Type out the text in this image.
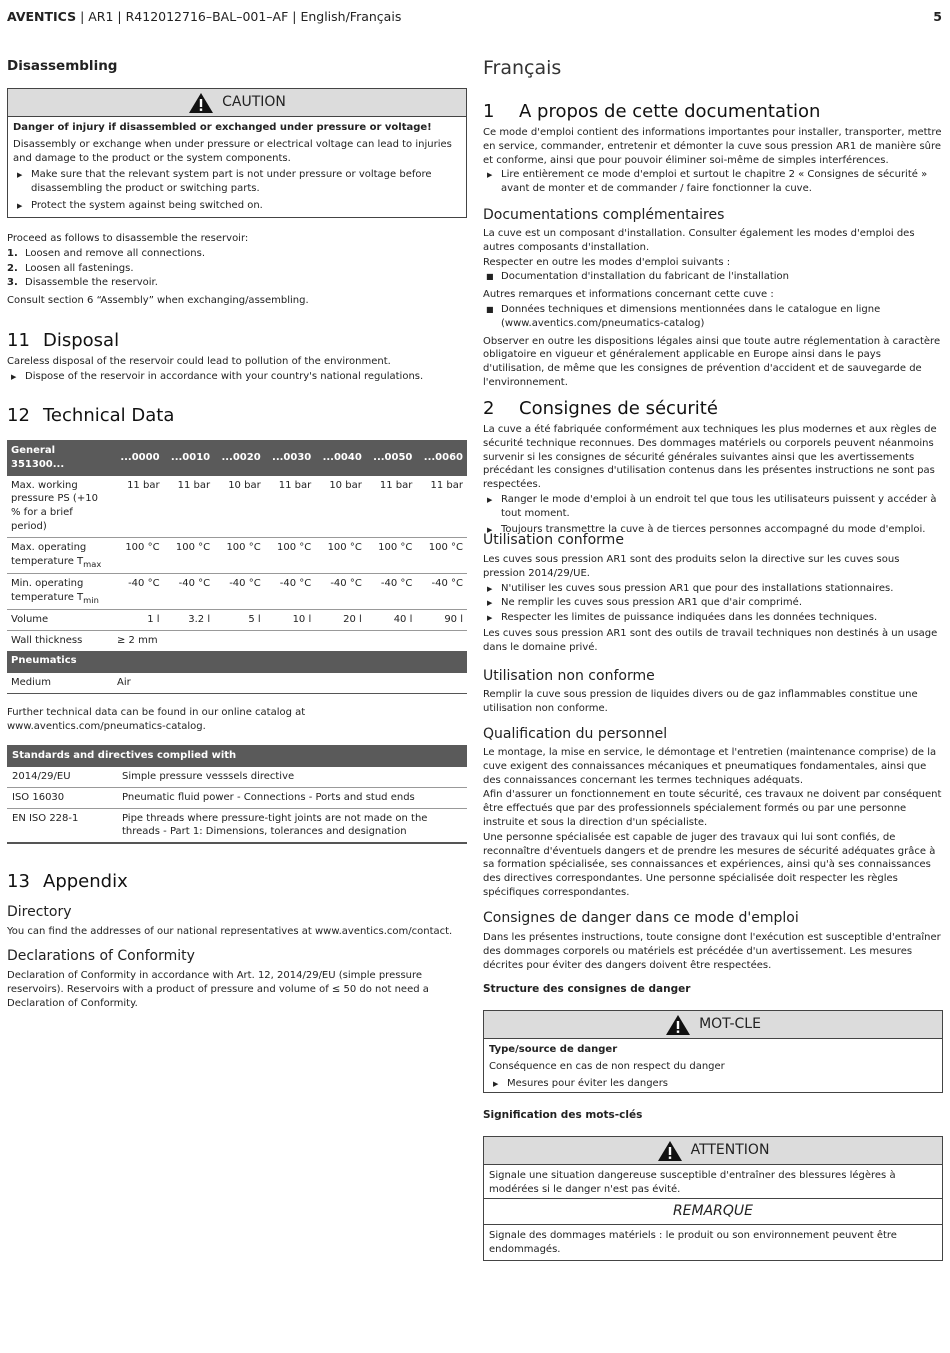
AVENTICS | AR1 | R412012716–BAL–001–AF | English/Français	5
Disassembling
CAUTION

Danger of injury if disassembled or exchanged under pressure or voltage!

Disassembly or exchange when under pressure or electrical voltage can lead to injuries and damage to the product or the system components.

▶ Make sure that the relevant system part is not under pressure or voltage before disassembling the product or switching parts.

▶ Protect the system against being switched on.

Proceed as follows to disassemble the reservoir:

1. Loosen and remove all connections.

2. Loosen all fastenings.

3. Disassemble the reservoir.

Consult section 6 “Assembly” when exchanging/assembling.

11 Disposal

Careless disposal of the reservoir could lead to pollution of the environment.

▶ Dispose of the reservoir in accordance with your country's national regulations.

12 Technical Data
General 351300...	...0000	...0010	...0020	...0030	...0040	...0050	...0060
Max. working pressure PS (+10 % for a brief period)	11 bar	11 bar	10 bar	11 bar	10 bar	11 bar	11 bar
Max. operating temperature $T_{max}$	100 °C	100 °C	100 °C	100 °C	100 °C	100 °C	100 °C
Min. operating temperature $T_{min}$	-40 °C	-40 °C	-40 °C	-40 °C	-40 °C	-40 °C	-40 °C
Volume	1 l	3.2 l	5 l	10 l	20 l	40 l	90 l
Wall thickness	≥ 2 mm						
Pneumatics							
Medium	Air						

Further technical data can be found in our online catalog at www.aventics.com/pneumatics-catalog.

Standards and directives complied with	
2014/29/EU	Simple pressure vesssels directive
ISO 16030	Pneumatic fluid power - Connections - Ports and stud ends
EN ISO 228-1	Pipe threads where pressure-tight joints are not made on the threads - Part 1: Dimensions, tolerances and designation
13 Appendix
Directory

You can find the addresses of our national representatives at www.aventics.com/contact.

Declarations of Conformity

Declaration of Conformity in accordance with Art. 12, 2014/29/EU (simple pressure reservoirs). Reservoirs with a product of pressure and volume of ≤ 50 do not need a Declaration of Conformity.

Français
1 A propos de cette documentation

Ce mode d'emploi contient des informations importantes pour installer, transporter, mettre en service, commander, entretenir et démonter la cuve sous pression AR1 de manière sûre et conforme, ainsi que pour pouvoir éliminer soi-même de simples interférences.

▶ Lire entièrement ce mode d'emploi et surtout le chapitre 2 « Consignes de sécurité » avant de monter et de commander / faire fonctionner la cuve.

Documentations complémentaires

La cuve est un composant d'installation. Consulter également les modes d'emploi des autres composants d'installation.

Respecter en outre les modes d'emploi suivants :

■ Documentation d'installation du fabricant de l'installation

Autres remarques et informations concernant cette cuve :

■ Données techniques et dimensions mentionnées dans le catalogue en ligne (www.aventics.com/pneumatics-catalog)

Observer en outre les dispositions légales ainsi que toute autre réglementation à caractère obligatoire en vigueur et généralement applicable en Europe ainsi dans le pays d'utilisation, de même que les consignes de prévention d'accident et de sauvegarde de l'environnement.

2 Consignes de sécurité

La cuve a été fabriquée conformément aux techniques les plus modernes et aux règles de sécurité technique reconnues. Des dommages matériels ou corporels peuvent néanmoins survenir si les consignes de sécurité générales suivantes ainsi que les avertissements précédant les consignes d'utilisation contenus dans les présentes instructions ne sont pas respectées.

▶ Ranger le mode d'emploi à un endroit tel que tous les utilisateurs puissent y accéder à tout moment.

▶ Toujours transmettre la cuve à de tierces personnes accompagné du mode d'emploi.

Utilisation conforme

Les cuves sous pression AR1 sont des produits selon la directive sur les cuves sous pression 2014/29/UE.

▶ N'utiliser les cuves sous pression AR1 que pour des installations stationnaires.

▶ Ne remplir les cuves sous pression AR1 que d'air comprimé.

▶ Respecter les limites de puissance indiquées dans les données techniques.

Les cuves sous pression AR1 sont des outils de travail techniques non destinés à un usage dans le domaine privé.

Utilisation non conforme

Remplir la cuve sous pression de liquides divers ou de gaz inflammables constitue une utilisation non conforme.

Qualification du personnel

Le montage, la mise en service, le démontage et l'entretien (maintenance comprise) de la cuve exigent des connaissances mécaniques et pneumatiques fondamentales, ainsi que des connaissances concernant les termes techniques adéquats.

Afin d'assurer un fonctionnement en toute sécurité, ces travaux ne doivent par conséquent être effectués que par des professionnels spécialement formés ou par une personne instruite et sous la direction d'un spécialiste.

Une personne spécialisée est capable de juger des travaux qui lui sont confiés, de reconnaître d'éventuels dangers et de prendre les mesures de sécurité adéquates grâce à sa formation spécialisée, ses connaissances et expériences, ainsi qu'à ses connaissances des directives correspondantes. Une personne spécialisée doit respecter les règles spécifiques correspondantes.

Consignes de danger dans ce mode d'emploi

Dans les présentes instructions, toute consigne dont l'exécution est susceptible d'entraîner des dommages corporels ou matériels est précédée d'un avertissement. Les mesures décrites pour éviter des dangers doivent être respectées.

Structure des consignes de danger
MOT-CLE

Type/source de danger

Conséquence en cas de non respect du danger

▶ Mesures pour éviter les dangers

Signification des mots-clés
ATTENTION

Signale une situation dangereuse susceptible d'entraîner des blessures légères à modérées si le danger n'est pas évité.

REMARQUE

Signale des dommages matériels : le produit ou son environnement peuvent être endommagés.
